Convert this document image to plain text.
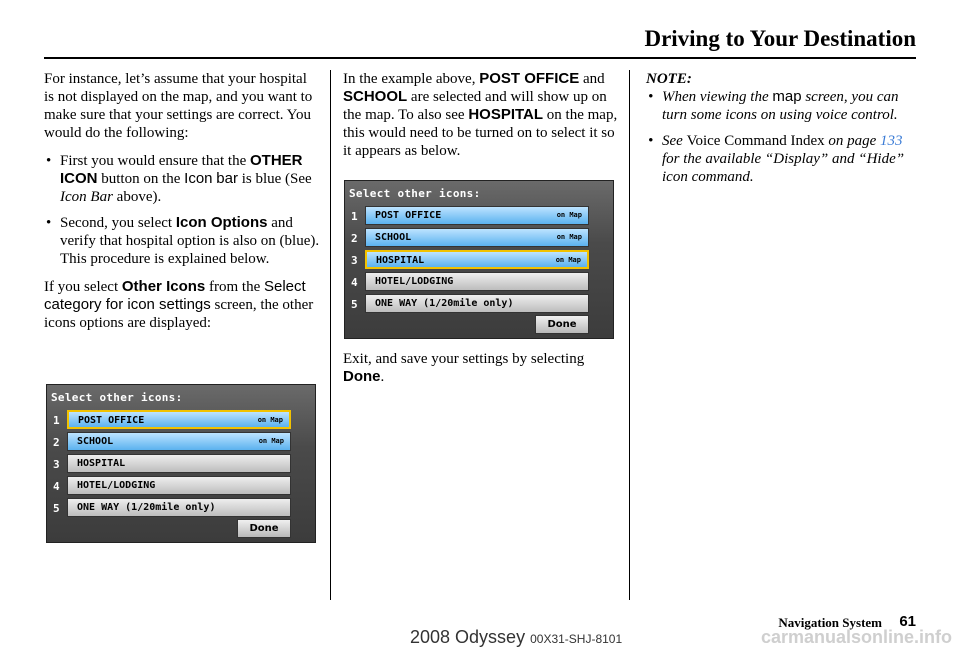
Driving to Your Destination

For instance, let’s assume that your hospital is not displayed on the map, and you want to make sure that your settings are correct. You would do the following:

• First you would ensure that the OTHER ICON button on the Icon bar is blue (See Icon Bar above).
• Second, you select Icon Options and verify that hospital option is also on (blue). This procedure is explained below.

If you select Other Icons from the Select category for icon settings screen, the other icons options are displayed:

Select other icons:
1	POST OFFICE	on Map
2	SCHOOL	on Map
3	HOSPITAL
4	HOTEL/LODGING
5	ONE WAY (1/20mile only)
Done

In the example above, POST OFFICE and SCHOOL are selected and will show up on the map. To also see HOSPITAL on the map, this would need to be turned on to select it so it appears as below.

Select other icons:
1	POST OFFICE	on Map
2	SCHOOL	on Map
3	HOSPITAL	on Map
4	HOTEL/LODGING
5	ONE WAY (1/20mile only)
Done

Exit, and save your settings by selecting Done.

NOTE:
• When viewing the map screen, you can turn some icons on using voice control.
• See Voice Command Index on page 133 for the available “Display” and “Hide” icon command.
Navigation System 61
2008 Odyssey 00X31-SHJ-8101	carmanualsonline.info
